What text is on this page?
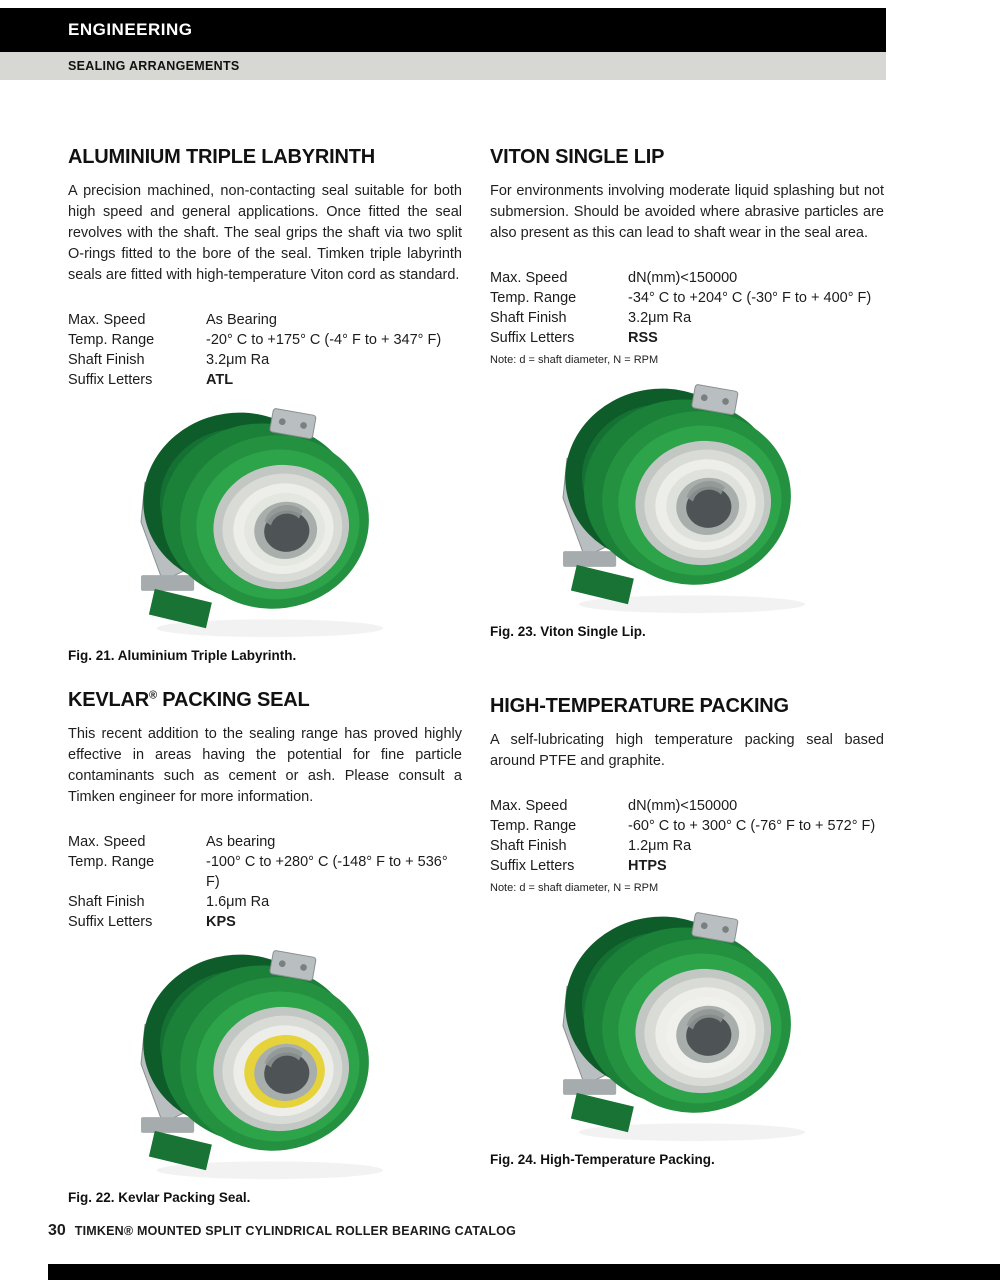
ENGINEERING
SEALING ARRANGEMENTS
ALUMINIUM TRIPLE LABYRINTH

A precision machined, non-contacting seal suitable for both high speed and general applications. Once fitted the seal revolves with the shaft. The seal grips the shaft via two split O-rings fitted to the bore of the seal. Timken triple labyrinth seals are fitted with high-temperature Viton cord as standard.

Max. Speed	As Bearing
Temp. Range	-20° C to +175° C (-4° F to + 347° F)
Shaft Finish	3.2μm Ra
Suffix Letters	ATL
Fig. 21. Aluminium Triple Labyrinth.
KEVLAR® PACKING SEAL

This recent addition to the sealing range has proved highly effective in areas having the potential for fine particle contaminants such as cement or ash. Please consult a Timken engineer for more information.

Max. Speed	As bearing
Temp. Range	-100° C to +280° C (-148° F to + 536° F)
Shaft Finish	1.6μm Ra
Suffix Letters	KPS
Fig. 22. Kevlar Packing Seal.
VITON SINGLE LIP

For environments involving moderate liquid splashing but not submersion. Should be avoided where abrasive particles are also present as this can lead to shaft wear in the seal area.

Max. Speed	dN(mm)<150000
Temp. Range	-34° C to +204° C (-30° F to + 400° F)
Shaft Finish	3.2μm Ra
Suffix Letters	RSS

Note: d = shaft diameter, N = RPM

Fig. 23. Viton Single Lip.
HIGH-TEMPERATURE PACKING

A self-lubricating high temperature packing seal based around PTFE and graphite.

Max. Speed	dN(mm)<150000
Temp. Range	-60° C to + 300° C (-76° F to + 572° F)
Shaft Finish	1.2μm Ra
Suffix Letters	HTPS

Note: d = shaft diameter, N = RPM

Fig. 24. High-Temperature Packing.
30 TIMKEN® MOUNTED SPLIT CYLINDRICAL ROLLER BEARING CATALOG
